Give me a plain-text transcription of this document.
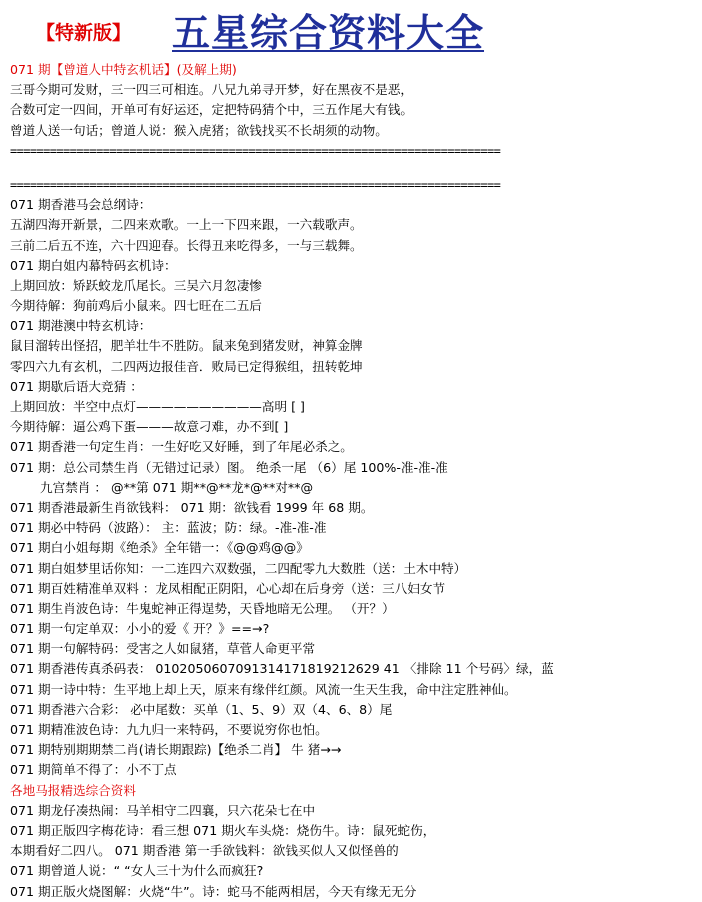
【特新版】 五星综合资料大全
071 期【曾道人中特玄机话】(及解上期)
三哥今期可发财，三一四三可相连。八兄九弟寻开梦，好在黑夜不是恶，
合数可定一四间，开单可有好运还，定把特码猜个中，三五作尾大有钱。
曾道人送一句话；曾道人说：猴入虎猪；欲钱找买不长胡须的动物。
==========================================================================
==========================================================================
071 期香港马会总纲诗：
五湖四海开新景，二四来欢歌。一上一下四来跟，一六载歌声。
三前二后五不连，六十四迎春。长得丑来吃得多，一与三载舞。
071 期白姐内幕特码玄机诗：
上期回放：矫跃蛟龙爪尾长。三吴六月忽凄惨
今期待解：狗前鸡后小鼠来。四七旺在二五后
071 期港澳中特玄机诗：
鼠目溜转出怪招，肥羊壮牛不胜防。鼠来兔到猪发财，神算金牌
零四六九有玄机，二四两边报佳音．败局已定得猴组，扭转乾坤
071 期歇后语大竞猜 ：
上期回放：半空中点灯——————————高明 [ ]
今期待解：逼公鸡下蛋———故意刁难，办不到[ ]
071 期香港一句定生肖：一生好吃又好睡，到了年尾必杀之。
071 期：总公司禁生肖（无错过记录）图。 绝杀一尾 （6）尾 100%-准-准-准
九宫禁肖 ： @**第 071 期**@**龙*@**对**@
071 期香港最新生肖欲钱料： 071 期：欲钱看 1999 年 68 期。
071 期必中特码（波路）： 主：蓝波；防：绿。-准-准-准
071 期白小姐每期《绝杀》全年错一：《@@鸡@@》
071 期白姐梦里话你知：一二连四六双数强，二四配零九大数胜（送：土木中特）
071 期百姓精准单双料 ：龙凤相配正阴阳，心心却在后身旁（送：三八妇女节
071 期生肖波色诗：牛鬼蛇神正得逞势，天昏地暗无公理。 （开？）
071 期一句定单双：小小的爱《 开？》==→?
071 期一句解特码：受害之人如鼠猪，草菅人命更平常
071 期香港传真杀码表： 0102050607091314171819212629 41 〈排除 11 个号码〉绿，蓝
071 期一诗中特：生平地上却上天，原来有缘伴红颜。风流一生天生我，命中注定胜神仙。
071 期香港六合彩： 必中尾数：买单（1、5、9）双（4、6、8）尾
071 期精准波色诗：九九归一来特码，不要说穷你也怕。
071 期特别期期禁二肖(请长期跟踪)【绝杀二肖】 牛 猪→→
071 期简单不得了：小不丁点
各地马报精选综合资料
071 期龙仔凑热闹：马羊相守二四襄，只六花朵七在中
071 期正版四字梅花诗：看三想 071 期火车头烧：烧伤牛。诗：鼠死蛇伤，
本期看好二四八。 071 期香港 第一手欲钱料：欲钱买似人又似怪兽的
071 期曾道人说：“ “女人三十为什么而疯狂?
071 期正版火烧图解：火烧“牛”。诗：蛇马不能两相居，今天有缘无无分
